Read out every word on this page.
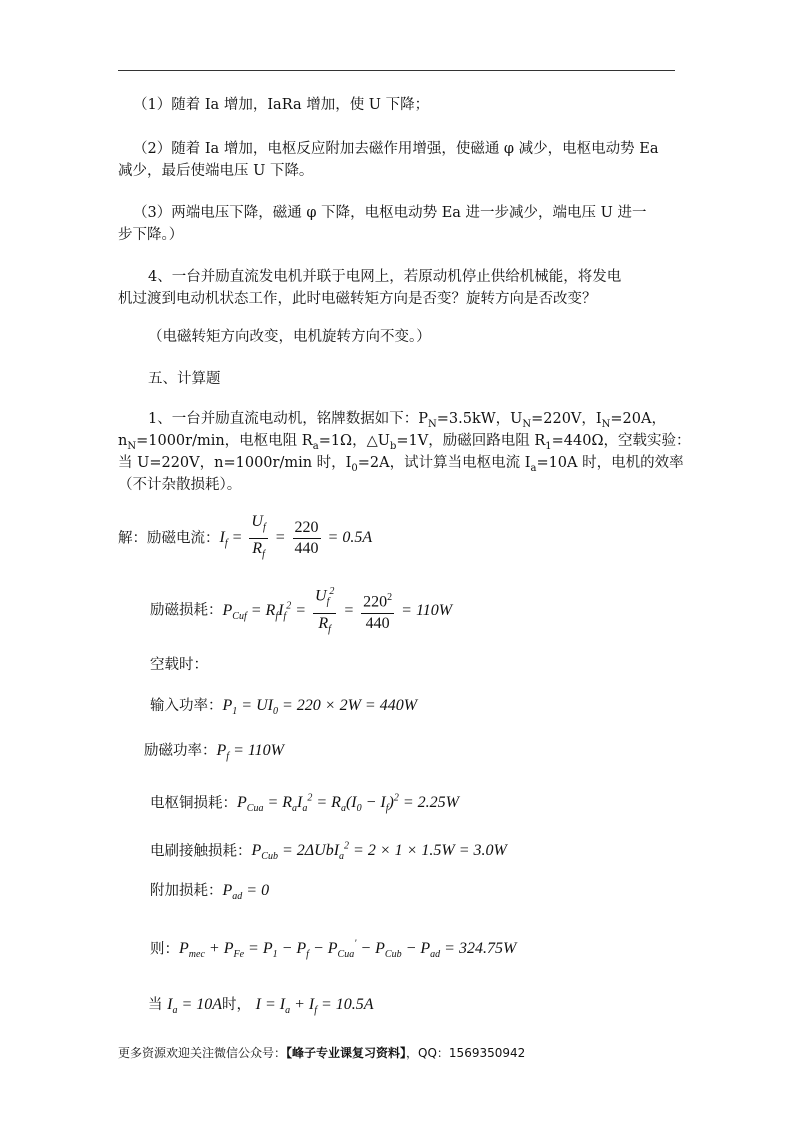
（1）随着 Ia 增加，IaRa 增加，使 U 下降；
（2）随着 Ia 增加，电枢反应附加去磁作用增强，使磁通 φ 减少，电枢电动势 Ea
减少，最后使端电压 U 下降。
（3）两端电压下降，磁通 φ 下降，电枢电动势 Ea 进一步减少，端电压 U 进一
步下降。）
4、一台并励直流发电机并联于电网上，若原动机停止供给机械能，将发电
机过渡到电动机状态工作，此时电磁转矩方向是否变？旋转方向是否改变？
（电磁转矩方向改变，电机旋转方向不变。）
五、计算题
1、一台并励直流电动机，铭牌数据如下：$P_N=3.5kW$，$U_N=220V$，$I_N=20A$，
$n_N=1000r/\min$，电枢电阻 $R_a=1\Omega$，$\triangle U_b=1V$，励磁回路电阻 $R_1=440\Omega$，空载实验：
当 U=220V，n=1000r/min 时，$I_0=2A$，试计算当电枢电流 $I_a=10A$ 时，电机的效率
（不计杂散损耗）。
解：励磁电流：$I_f = \frac{U_f}{R_f} = \frac{220}{440} = 0.5A$
励磁损耗：$P_{Cuf} = R_fI_f^2 = \frac{U_f^2}{R_f} = \frac{220^2}{440} = 110W$
空载时：
输入功率：$P_1 = UI_0 = 220 \times 2W = 440W$
励磁功率：$P_f = 110W$
电枢铜损耗：$P_{Cua} = R_aI_a^2 = R_a(I_0 - I_f)^2 = 2.25W$
电刷接触损耗：$P_{Cub} = 2\Delta UbI_a^2 = 2 \times 1 \times 1.5W = 3.0W$
附加损耗：$P_{ad} = 0$
则：$P_{mec} + P_{Fe} = P_1 - P_f - P_{Cua}' - P_{Cub} - P_{ad} = 324.75W$
当 $I_a = 10A$时， $I = I_a + I_f = 10.5A$
更多资源欢迎关注微信公众号：【峰子专业课复习资料】，QQ：1569350942
